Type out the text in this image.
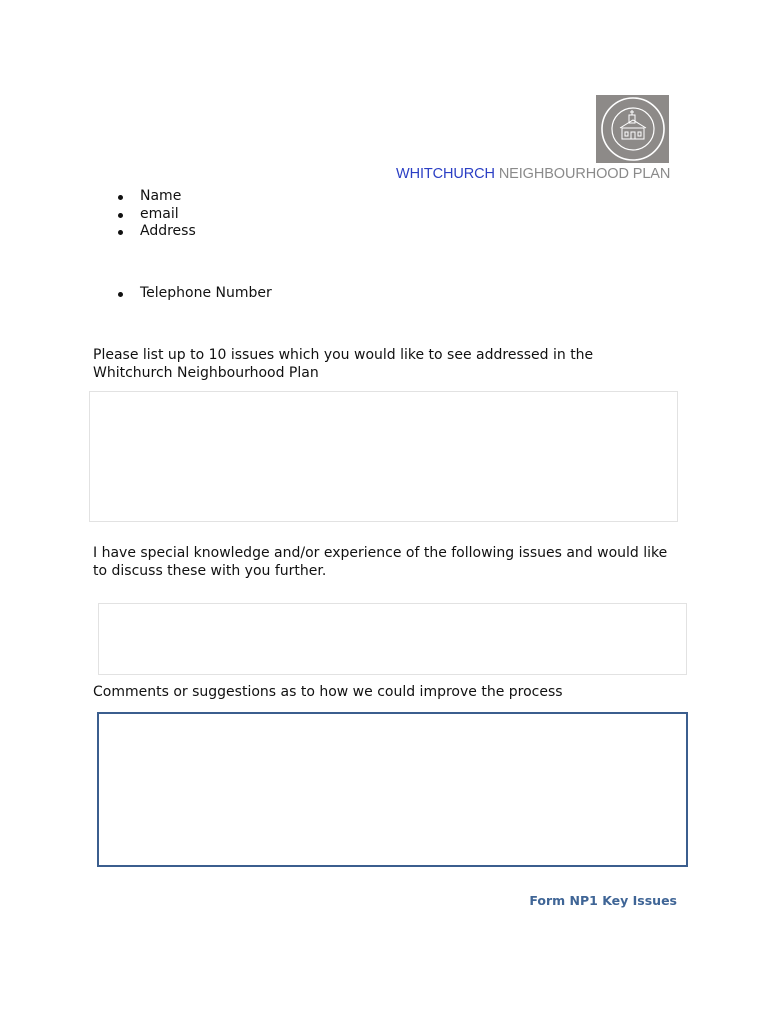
WHITCHURCH NEIGHBOURHOOD PLAN
Name
email
Address
Telephone Number

Please list up to 10 issues which you would like to see addressed in the Whitchurch Neighbourhood Plan

I have special knowledge and/or experience of the following issues and would like to discuss these with you further.

Comments or suggestions as to how we could improve the process

Form NP1 Key Issues
